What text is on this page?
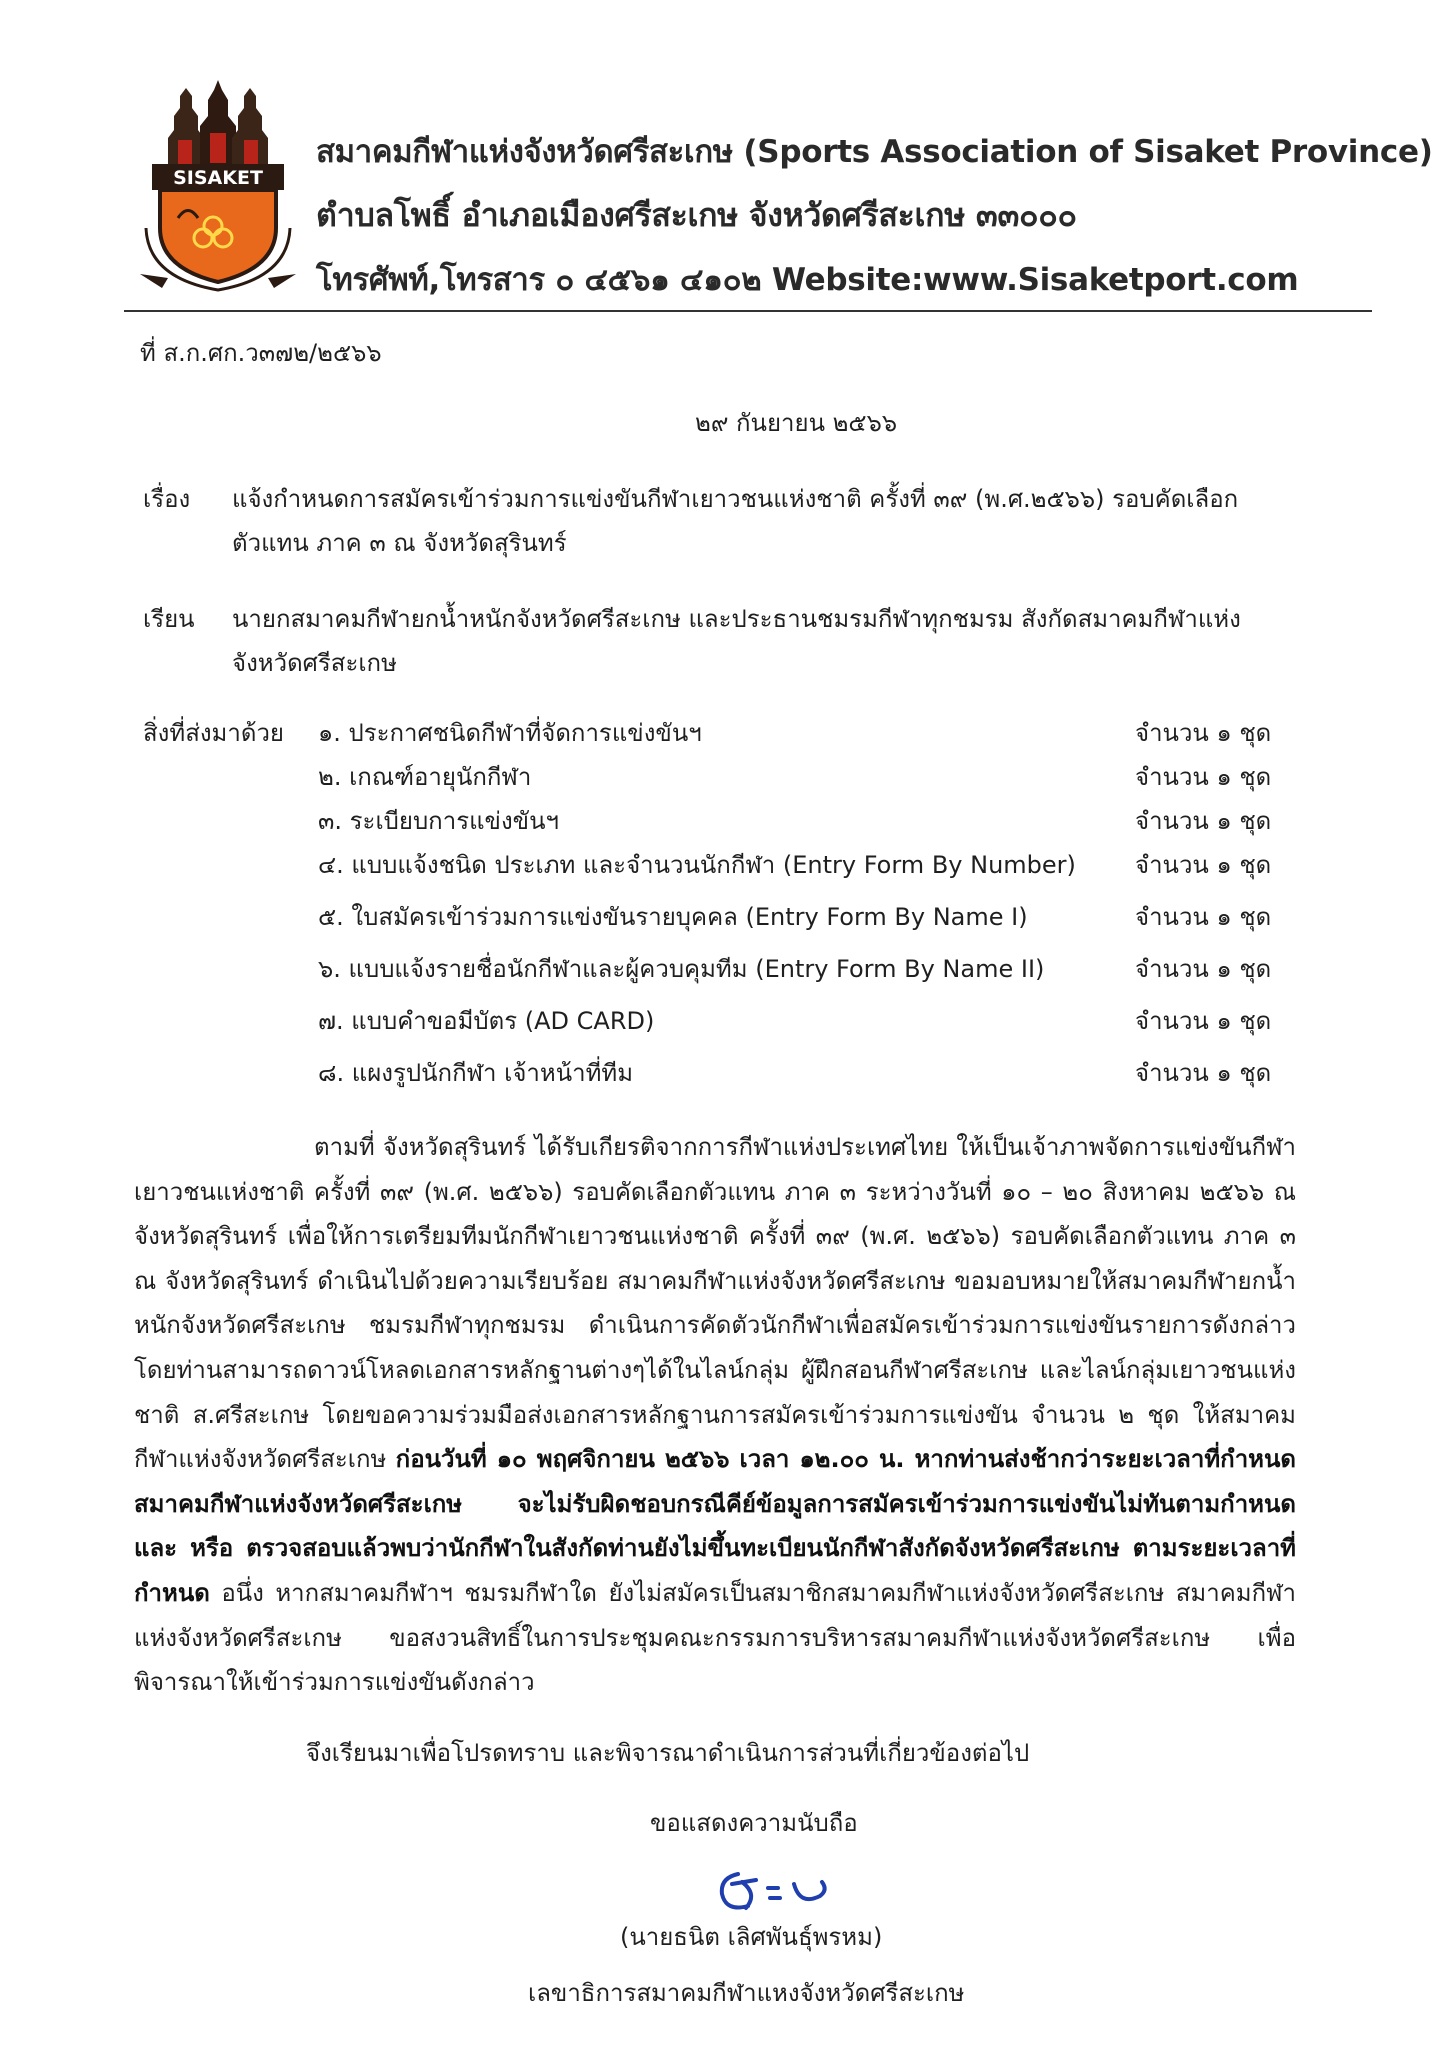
SISAKET
สมาคมกีฬาแห่งจังหวัดศรีสะเกษ (Sports Association of Sisaket Province)
ตำบลโพธิ์ อำเภอเมืองศรีสะเกษ จังหวัดศรีสะเกษ ๓๓๐๐๐
โทรศัพท์,โทรสาร ๐ ๔๕๖๑ ๔๑๐๒ Website:www.Sisaketport.com
ที่ ส.ก.ศก.ว๓๗๒/๒๕๖๖
๒๙ กันยายน ๒๕๖๖
เรื่อง แจ้งกำหนดการสมัครเข้าร่วมการแข่งขันกีฬาเยาวชนแห่งชาติ ครั้งที่ ๓๙ (พ.ศ.๒๕๖๖) รอบคัดเลือก
ตัวแทน ภาค ๓ ณ จังหวัดสุรินทร์
เรียน นายกสมาคมกีฬายกน้ำหนักจังหวัดศรีสะเกษ และประธานชมรมกีฬาทุกชมรม สังกัดสมาคมกีฬาแห่ง
จังหวัดศรีสะเกษ
สิ่งที่ส่งมาด้วย ๑. ประกาศชนิดกีฬาที่จัดการแข่งขันฯ	จำนวน ๑ ชุด
๒. เกณฑ์อายุนักกีฬา	จำนวน ๑ ชุด
๓. ระเบียบการแข่งขันฯ	จำนวน ๑ ชุด
๔. แบบแจ้งชนิด ประเภท และจำนวนนักกีฬา (Entry Form By Number) จำนวน ๑ ชุด
๕. ใบสมัครเข้าร่วมการแข่งขันรายบุคคล (Entry Form By Name I)	จำนวน ๑ ชุด
๖. แบบแจ้งรายชื่อนักกีฬาและผู้ควบคุมทีม (Entry Form By Name II)	จำนวน ๑ ชุด
๗. แบบคำขอมีบัตร (AD CARD)	จำนวน ๑ ชุด
๘. แผงรูปนักกีฬา เจ้าหน้าที่ทีม	จำนวน ๑ ชุด
ตามที่ จังหวัดสุรินทร์ ได้รับเกียรติจากการกีฬาแห่งประเทศไทย ให้เป็นเจ้าภาพจัดการแข่งขันกีฬาเยาวชนแห่งชาติ ครั้งที่ ๓๙ (พ.ศ. ๒๕๖๖) รอบคัดเลือกตัวแทน ภาค ๓ ระหว่างวันที่ ๑๐ – ๒๐ สิงหาคม ๒๕๖๖ ณ จังหวัดสุรินทร์ เพื่อให้การเตรียมทีมนักกีฬาเยาวชนแห่งชาติ ครั้งที่ ๓๙ (พ.ศ. ๒๕๖๖) รอบคัดเลือกตัวแทน ภาค ๓ ณ จังหวัดสุรินทร์ ดำเนินไปด้วยความเรียบร้อย สมาคมกีฬาแห่งจังหวัดศรีสะเกษ ขอมอบหมายให้สมาคมกีฬายกน้ำหนักจังหวัดศรีสะเกษ ชมรมกีฬาทุกชมรม ดำเนินการคัดตัวนักกีฬาเพื่อสมัครเข้าร่วมการแข่งขันรายการดังกล่าว โดยท่านสามารถดาวน์โหลดเอกสารหลักฐานต่างๆได้ในไลน์กลุ่ม ผู้ฝึกสอนกีฬาศรีสะเกษ และไลน์กลุ่มเยาวชนแห่งชาติ ส.ศรีสะเกษ โดยขอความร่วมมือส่งเอกสารหลักฐานการสมัครเข้าร่วมการแข่งขัน จำนวน ๒ ชุด ให้สมาคมกีฬาแห่งจังหวัดศรีสะเกษ ก่อนวันที่ ๑๐ พฤศจิกายน ๒๕๖๖ เวลา ๑๒.๐๐ น. หากท่านส่งช้ากว่าระยะเวลาที่กำหนด สมาคมกีฬาแห่งจังหวัดศรีสะเกษ จะไม่รับผิดชอบกรณีคีย์ข้อมูลการสมัครเข้าร่วมการแข่งขันไม่ทันตามกำหนด และ หรือ ตรวจสอบแล้วพบว่านักกีฬาในสังกัดท่านยังไม่ขึ้นทะเบียนนักกีฬาสังกัดจังหวัดศรีสะเกษ ตามระยะเวลาที่กำหนด อนึ่ง หากสมาคมกีฬาฯ ชมรมกีฬาใด ยังไม่สมัครเป็นสมาชิกสมาคมกีฬาแห่งจังหวัดศรีสะเกษ สมาคมกีฬาแห่งจังหวัดศรีสะเกษ ขอสงวนสิทธิ์ในการประชุมคณะกรรมการบริหารสมาคมกีฬาแห่งจังหวัดศรีสะเกษ เพื่อพิจารณาให้เข้าร่วมการแข่งขันดังกล่าว
จึงเรียนมาเพื่อโปรดทราบ และพิจารณาดำเนินการส่วนที่เกี่ยวข้องต่อไป
ขอแสดงความนับถือ
(นายธนิต เลิศพันธุ์พรหม)
เลขาธิการสมาคมกีฬาแหงจังหวัดศรีสะเกษ
